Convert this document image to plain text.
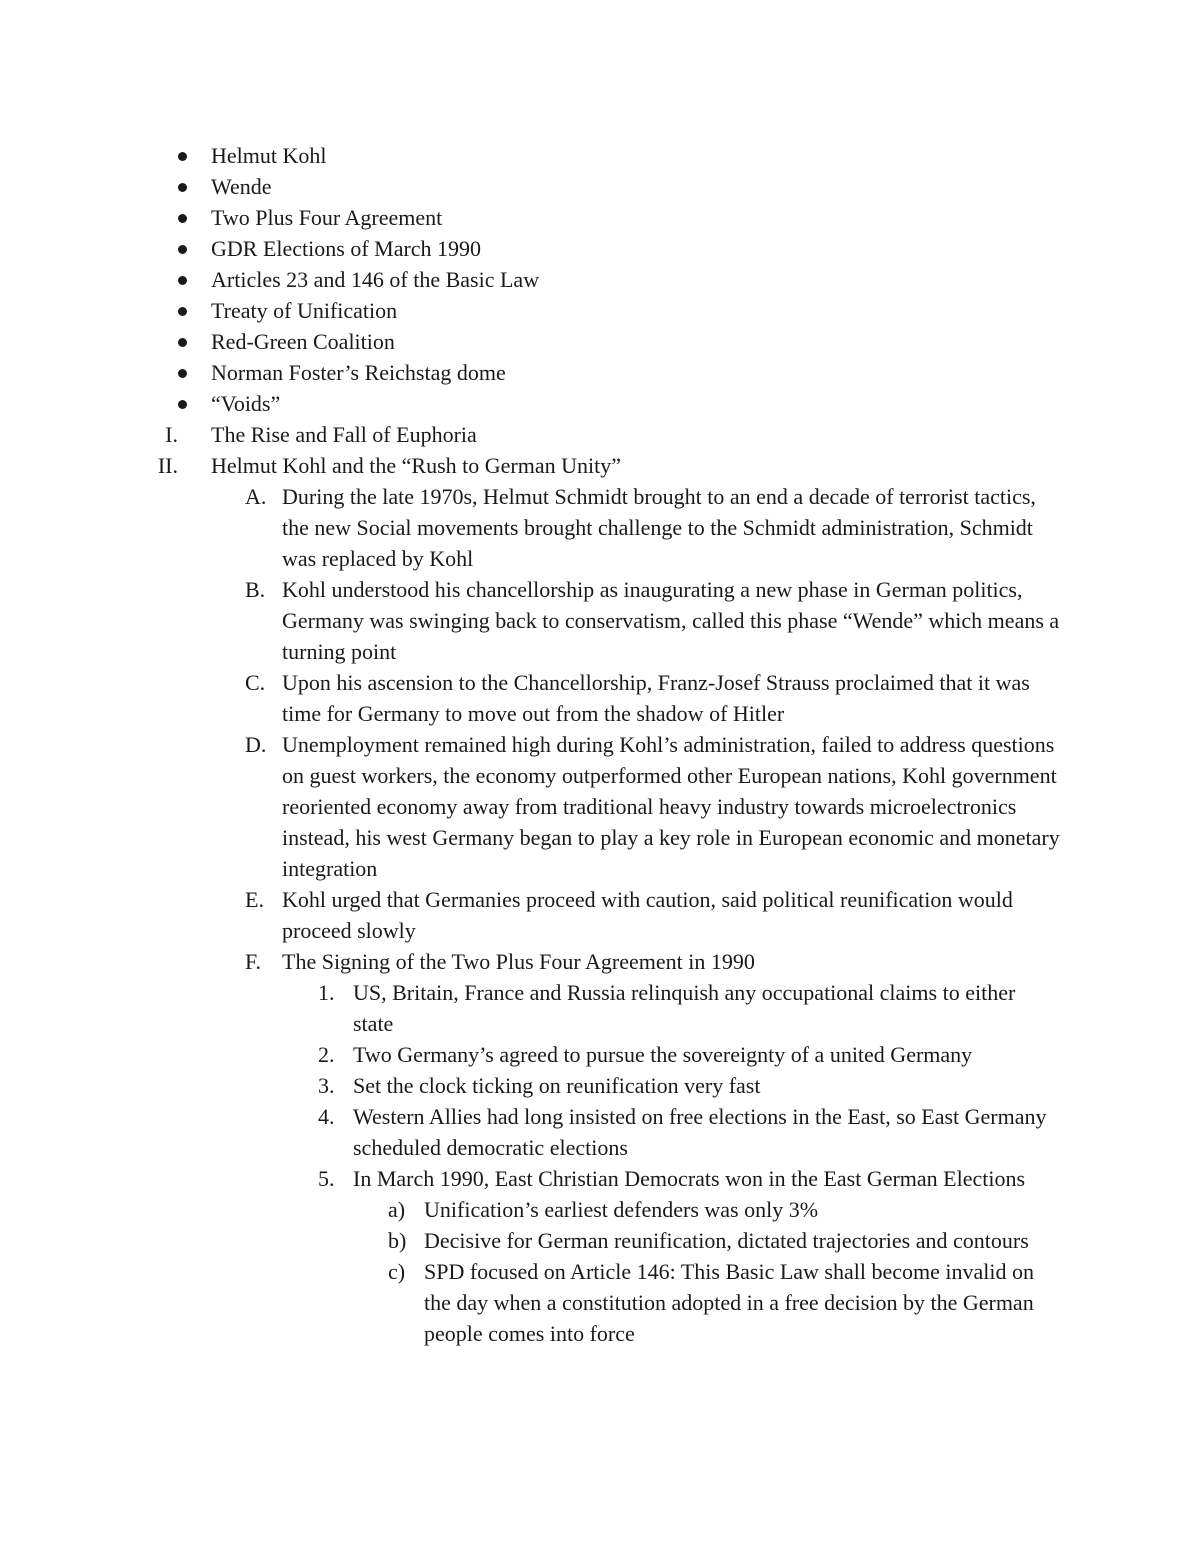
Helmut Kohl
Wende
Two Plus Four Agreement
GDR Elections of March 1990
Articles 23 and 146 of the Basic Law
Treaty of Unification
Red-Green Coalition
Norman Foster’s Reichstag dome
“Voids”
I. The Rise and Fall of Euphoria
II. Helmut Kohl and the “Rush to German Unity”
A. During the late 1970s, Helmut Schmidt brought to an end a decade of terrorist tactics, the new Social movements brought challenge to the Schmidt administration, Schmidt was replaced by Kohl
B. Kohl understood his chancellorship as inaugurating a new phase in German politics, Germany was swinging back to conservatism, called this phase “Wende” which means a turning point
C. Upon his ascension to the Chancellorship, Franz-Josef Strauss proclaimed that it was time for Germany to move out from the shadow of Hitler
D. Unemployment remained high during Kohl’s administration, failed to address questions on guest workers, the economy outperformed other European nations, Kohl government reoriented economy away from traditional heavy industry towards microelectronics instead, his west Germany began to play a key role in European economic and monetary integration
E. Kohl urged that Germanies proceed with caution, said political reunification would proceed slowly
F. The Signing of the Two Plus Four Agreement in 1990
1. US, Britain, France and Russia relinquish any occupational claims to either state
2. Two Germany’s agreed to pursue the sovereignty of a united Germany
3. Set the clock ticking on reunification very fast
4. Western Allies had long insisted on free elections in the East, so East Germany scheduled democratic elections
5. In March 1990, East Christian Democrats won in the East German Elections
a) Unification’s earliest defenders was only 3%
b) Decisive for German reunification, dictated trajectories and contours
c) SPD focused on Article 146: This Basic Law shall become invalid on the day when a constitution adopted in a free decision by the German people comes into force
